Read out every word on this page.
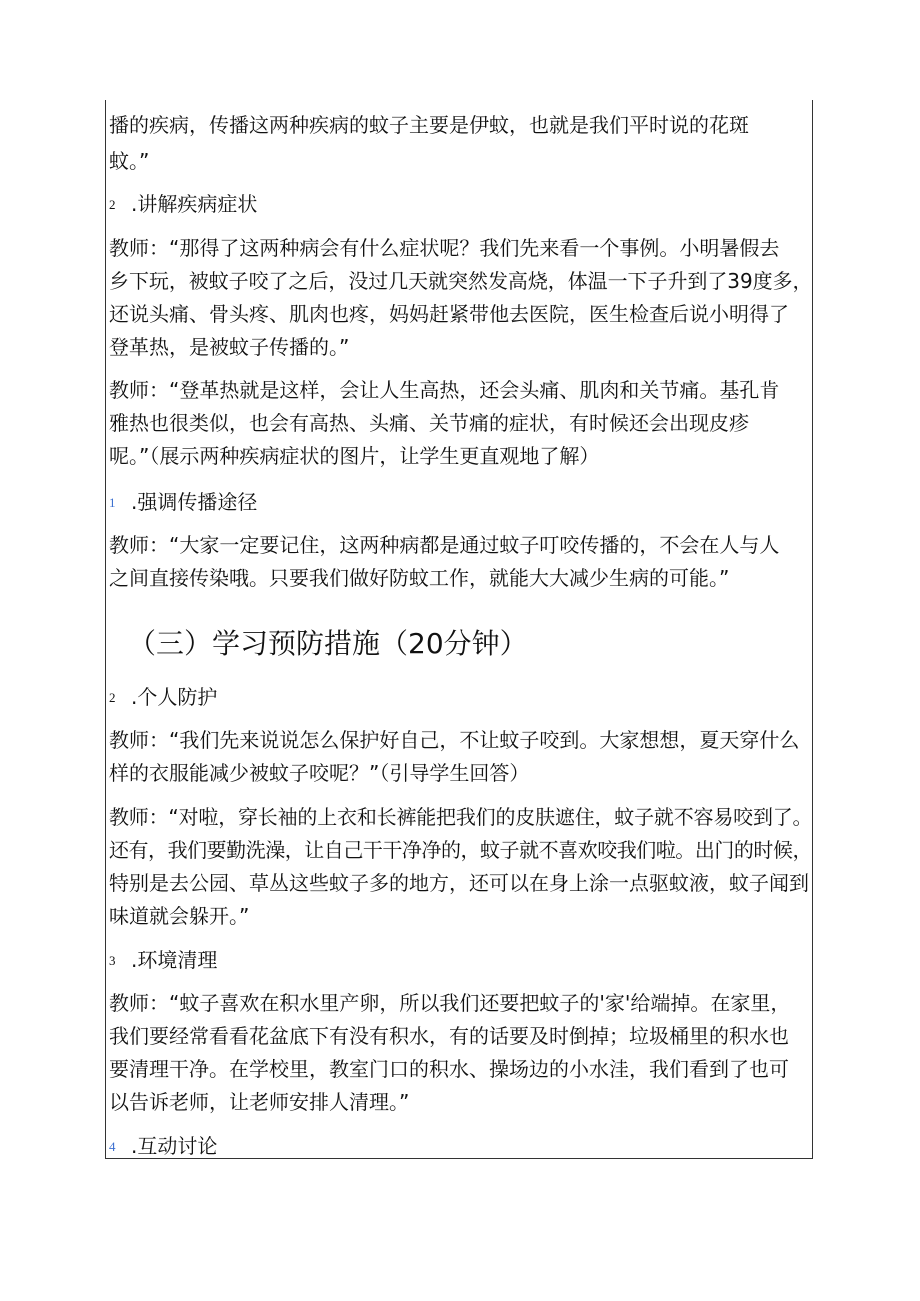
播的疾病，传播这两种疾病的蚊子主要是伊蚊，也就是我们平时说的花斑
蚊。”
2 .讲解疾病症状
教师：“那得了这两种病会有什么症状呢？我们先来看一个事例。小明暑假去
乡下玩，被蚊子咬了之后，没过几天就突然发高烧，体温一下子升到了39度多，
还说头痛、骨头疼、肌肉也疼，妈妈赶紧带他去医院，医生检查后说小明得了
登革热，是被蚊子传播的。”
教师：“登革热就是这样，会让人生高热，还会头痛、肌肉和关节痛。基孔肯
雅热也很类似，也会有高热、头痛、关节痛的症状，有时候还会出现皮疹
呢。”（展示两种疾病症状的图片，让学生更直观地了解）
1 .强调传播途径
教师：“大家一定要记住，这两种病都是通过蚊子叮咬传播的，不会在人与人
之间直接传染哦。只要我们做好防蚊工作，就能大大减少生病的可能。”
（三）学习预防措施（20分钟）
2 .个人防护
教师：“我们先来说说怎么保护好自己，不让蚊子咬到。大家想想，夏天穿什么
样的衣服能减少被蚊子咬呢？”（引导学生回答）
教师：“对啦，穿长袖的上衣和长裤能把我们的皮肤遮住，蚊子就不容易咬到了。
还有，我们要勤洗澡，让自己干干净净的，蚊子就不喜欢咬我们啦。出门的时候，
特别是去公园、草丛这些蚊子多的地方，还可以在身上涂一点驱蚊液，蚊子闻到
味道就会躲开。”
3 .环境清理
教师：“蚊子喜欢在积水里产卵，所以我们还要把蚊子的'家'给端掉。在家里，
我们要经常看看花盆底下有没有积水，有的话要及时倒掉；垃圾桶里的积水也
要清理干净。在学校里，教室门口的积水、操场边的小水洼，我们看到了也可
以告诉老师，让老师安排人清理。”
4 .互动讨论
